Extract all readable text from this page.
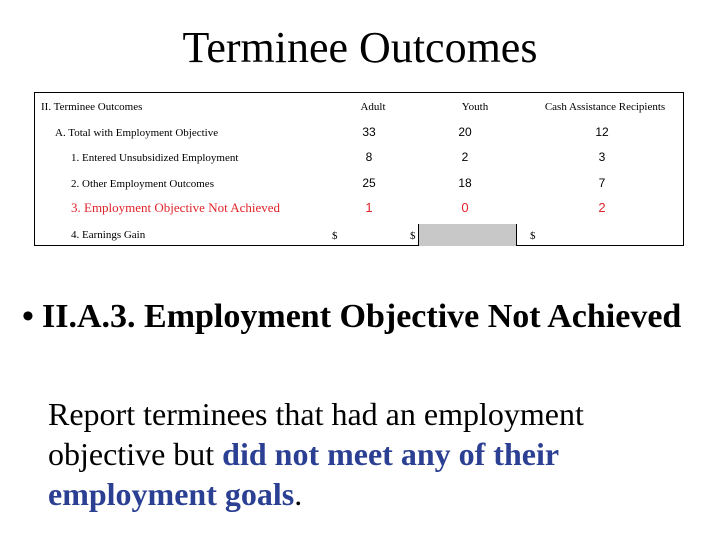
Terminee Outcomes
II. Terminee Outcomes	Adult	Youth	Cash Assistance Recipients
A. Total with Employment Objective	33	20	12
1. Entered Unsubsidized Employment	8	2	3
2. Other Employment Outcomes	25	18	7
3. Employment Objective Not Achieved	1	0	2
4. Earnings Gain	$	$	$
• II.A.3. Employment Objective Not Achieved
Report terminees that had an employment objective but did not meet any of their employment goals.
